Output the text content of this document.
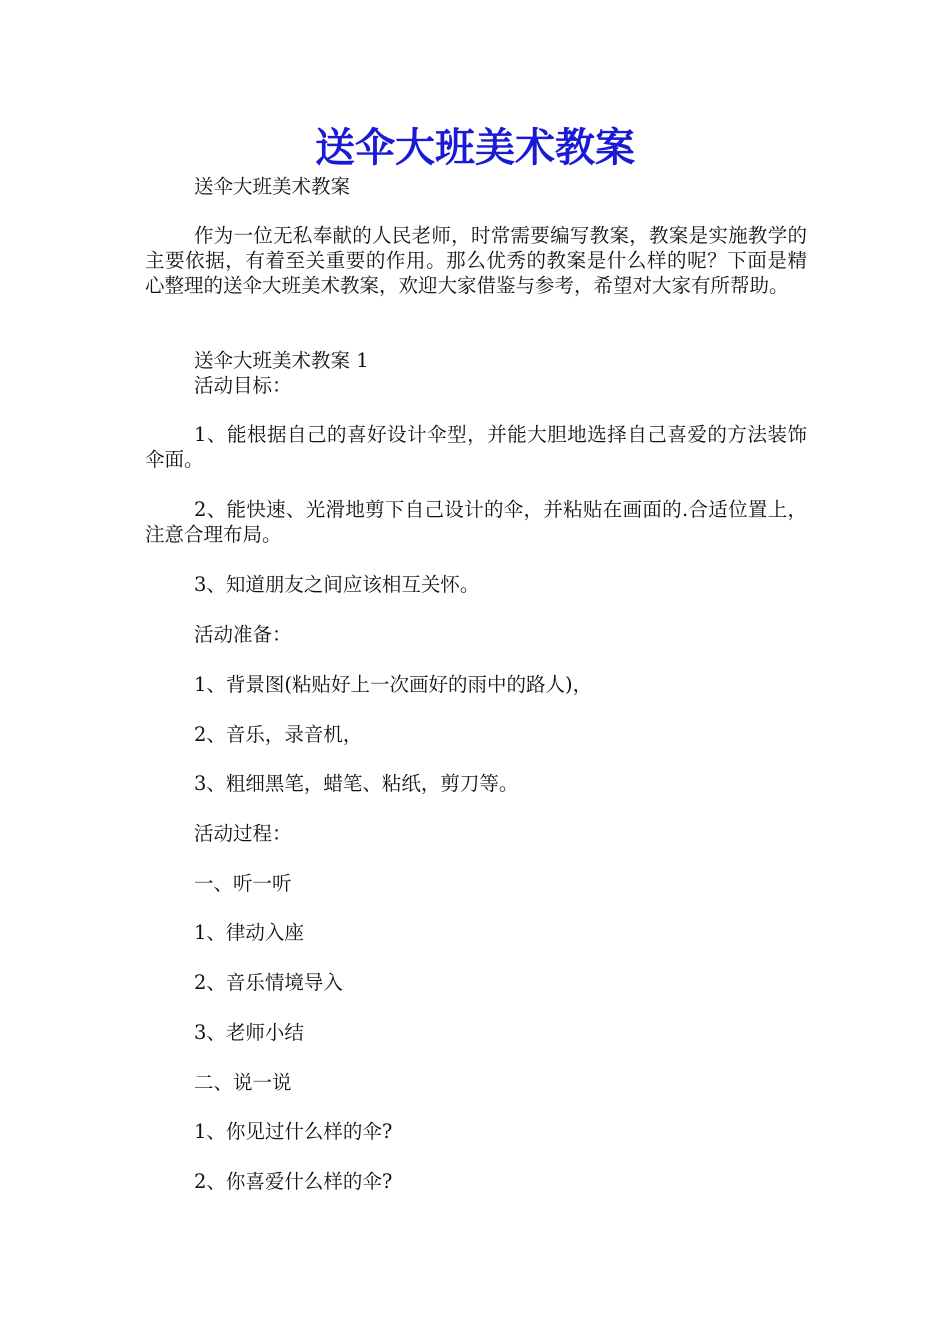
送伞大班美术教案

送伞大班美术教案

作为一位无私奉献的人民老师，时常需要编写教案，教案是实施教学的主要依据，有着至关重要的作用。那么优秀的教案是什么样的呢？下面是精心整理的送伞大班美术教案，欢迎大家借鉴与参考，希望对大家有所帮助。

送伞大班美术教案 1

活动目标：

1、能根据自己的喜好设计伞型，并能大胆地选择自己喜爱的方法装饰伞面。

2、能快速、光滑地剪下自己设计的伞，并粘贴在画面的.合适位置上，注意合理布局。

3、知道朋友之间应该相互关怀。

活动准备：

1、背景图(粘贴好上一次画好的雨中的路人)，

2、音乐，录音机，

3、粗细黑笔，蜡笔、粘纸，剪刀等。

活动过程：

一、听一听

1、律动入座

2、音乐情境导入

3、老师小结

二、说一说

1、你见过什么样的伞?

2、你喜爱什么样的伞?
